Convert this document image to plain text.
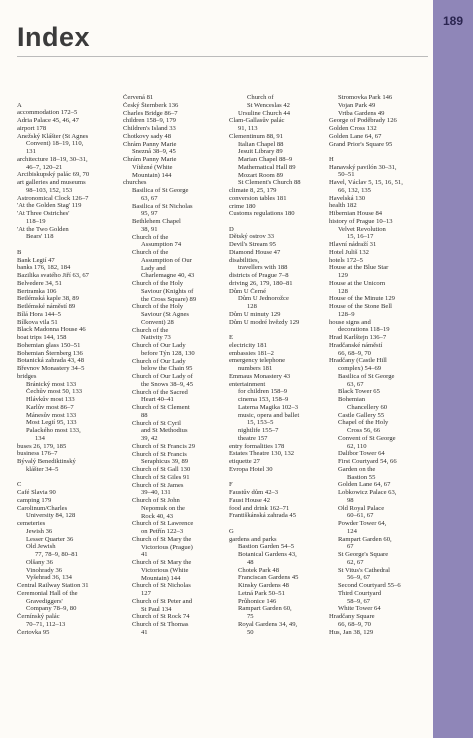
189
Index
A
accommodation 172–5
Adria Palace 45, 46, 47
airport 178
Anežský Klášter (St Agnes
Convent) 18–19, 110,
131
architecture 18–19, 30–31,
46–7, 120–21
Arcibiskupský palác 69, 70
art galleries and museums
98–103, 152, 153
Astronomical Clock 126–7
'At the Golden Stag' 119
'At Three Ostriches'
118–19
'At the Two Golden
Bears' 118
B
Bank Legií 47
banks 176, 182, 184
Bazilika svatého Jiří 63, 67
Belvedere 34, 51
Bertramka 106
Betlémská kaple 38, 89
Betlémské náměstí 89
Bílá Hora 144–5
Bílkova vila 51
Black Madonna House 46
boat trips 144, 158
Bohemian glass 150–51
Bohemian Šternberg 136
Botanická zahrada 43, 48
Břevnov Monastery 34–5
bridges
Bránický most 133
Čechův most 50, 133
Hlávkův most 133
Karlův most 86–7
Mánesův most 133
Most Legií 95, 133
Palackého most 133,
134
buses 26, 179, 185
business 176–7
Bývalý Benediktinský
klášter 34–5
C
Café Slavia 90
camping 179
Carolinum/Charles
University 84, 128
cemeteries
Jewish 36
Lesser Quarter 36
Old Jewish
77, 78–9, 80–81
Olšany 36
Vinohrady 36
Vyšehrad 36, 134
Central Railway Station 31
Ceremonial Hall of the
Gravediggers'
Company 78–9, 80
Černínský palác
70–71, 112–13
Čertovka 95
Červená 81
Český Šternberk 136
Charles Bridge 86–7
children 158–9, 179
Children's Island 33
Chotkovy sady 48
Chrám Panny Marie
Sneznå 38–9, 45
Chrám Panny Marie
Vítězné (White
Mountain) 144
churches
Basilica of St George
63, 67
Basilica of St Nicholas
95, 97
Bethlehem Chapel
38, 91
Church of the
Assumption 74
Church of the
Assumption of Our
Lady and
Charlemagne 40, 43
Church of the Holy
Saviour (Knights of
the Cross Square) 89
Church of the Holy
Saviour (St Agnes
Convent) 28
Church of the
Nativity 73
Church of Our Lady
before Týn 128, 130
Church of Our Lady
below the Chain 95
Church of Our Lady of
the Snows 38–9, 45
Church of the Sacred
Heart 40–41
Church of St Clement
88
Church of St Cyril
and St Methodius
39, 42
Church of St Francis 29
Church of St Francis
Seraphicus 39, 89
Church of St Gall 130
Church of St Giles 91
Church of St James
39–40, 131
Church of St John
Nepomuk on the
Rock 40, 43
Church of St Lawrence
on Petřín 122–3
Church of St Mary the
Victorious (Prague)
41
Church of St Mary the
Victorious (White
Mountain) 144
Church of St Nicholas
127
Church of St Peter and
St Paul 134
Church of St Rock 74
Church of St Thomas
41
Church of
St Wenceslas 42
Ursuline Church 44
Clam-Gallasův palác
91, 113
Clementinum 88, 91
Italian Chapel 88
Jesuit Library 89
Marian Chapel 88–9
Mathematical Hall 89
Mozart Room 89
St Clement's Church 88
climate 8, 25, 179
conversion tables 181
crime 180
Customs regulations 180
D
Dětský ostrov 33
Devil's Stream 95
Diamond House 47
disabilities,
travellers with 188
districts of Prague 7–8
driving 26, 179, 180–81
Dům U Černé
Dům U Jednorožce
128
Dům U minuty 129
Dům U modré hvězdy 129
E
electricity 181
embassies 181–2
emergency telephone
numbers 181
Emmaus Monastery 43
entertainment
for children 158–9
cinema 153, 158–9
Laterna Magika 102–3
music, opera and ballet
15, 153–5
nightlife 155–7
theatre 157
entry formalities 178
Estates Theatre 130, 132
etiquette 27
Evropa Hotel 30
F
Faustův dům 42–3
Faust House 42
food and drink 162–71
Františkánská zahrada 45
G
gardens and parks
Bastion Garden 54–5
Botanical Gardens 43,
48
Chotek Park 48
Franciscan Gardens 45
Kinsky Gardens 48
Letná Park 50–51
Průhonice 146
Rampart Garden 60,
75
Royal Gardens 34, 49,
50
Stromovka Park 146
Vojan Park 49
Vrtba Gardens 49
George of Poděbrady 126
Golden Cross 132
Golden Lane 64, 67
Grand Prior's Square 95
H
Hanavský pavilón 30–31,
50–51
Havel, Václav 5, 15, 16, 51,
66, 132, 135
Havelská 130
health 182
Hibernian House 84
history of Prague 10–13
Velvet Revolution
15, 16–17
Hlavní nádraží 31
Hotel Juliš 132
hotels 172–5
House at the Blue Star
129
House at the Unicorn
128
House of the Minute 129
House of the Stone Bell
128–9
house signs and
decorations 118–19
Hrad Karlštejn 136–7
Hradčanské náměstí
66, 68–9, 70
Hradčany (Castle Hill
complex) 54–69
Basilica of St George
63, 67
Black Tower 65
Bohemian
Chancellery 60
Castle Gallery 55
Chapel of the Holy
Cross 56, 66
Convent of St George
62, 110
Dalibor Tower 64
First Courtyard 54, 66
Garden on the
Bastion 55
Golden Lane 64, 67
Lobkowicz Palace 63,
98
Old Royal Palace
60–61, 67
Powder Tower 64,
124
Rampart Garden 60,
67
St George's Square
62, 67
St Vitus's Cathedral
56–9, 67
Second Courtyard 55–6
Third Courtyard
58–9, 67
White Tower 64
Hradčany Square
66, 68–9, 70
Hus, Jan 38, 129
